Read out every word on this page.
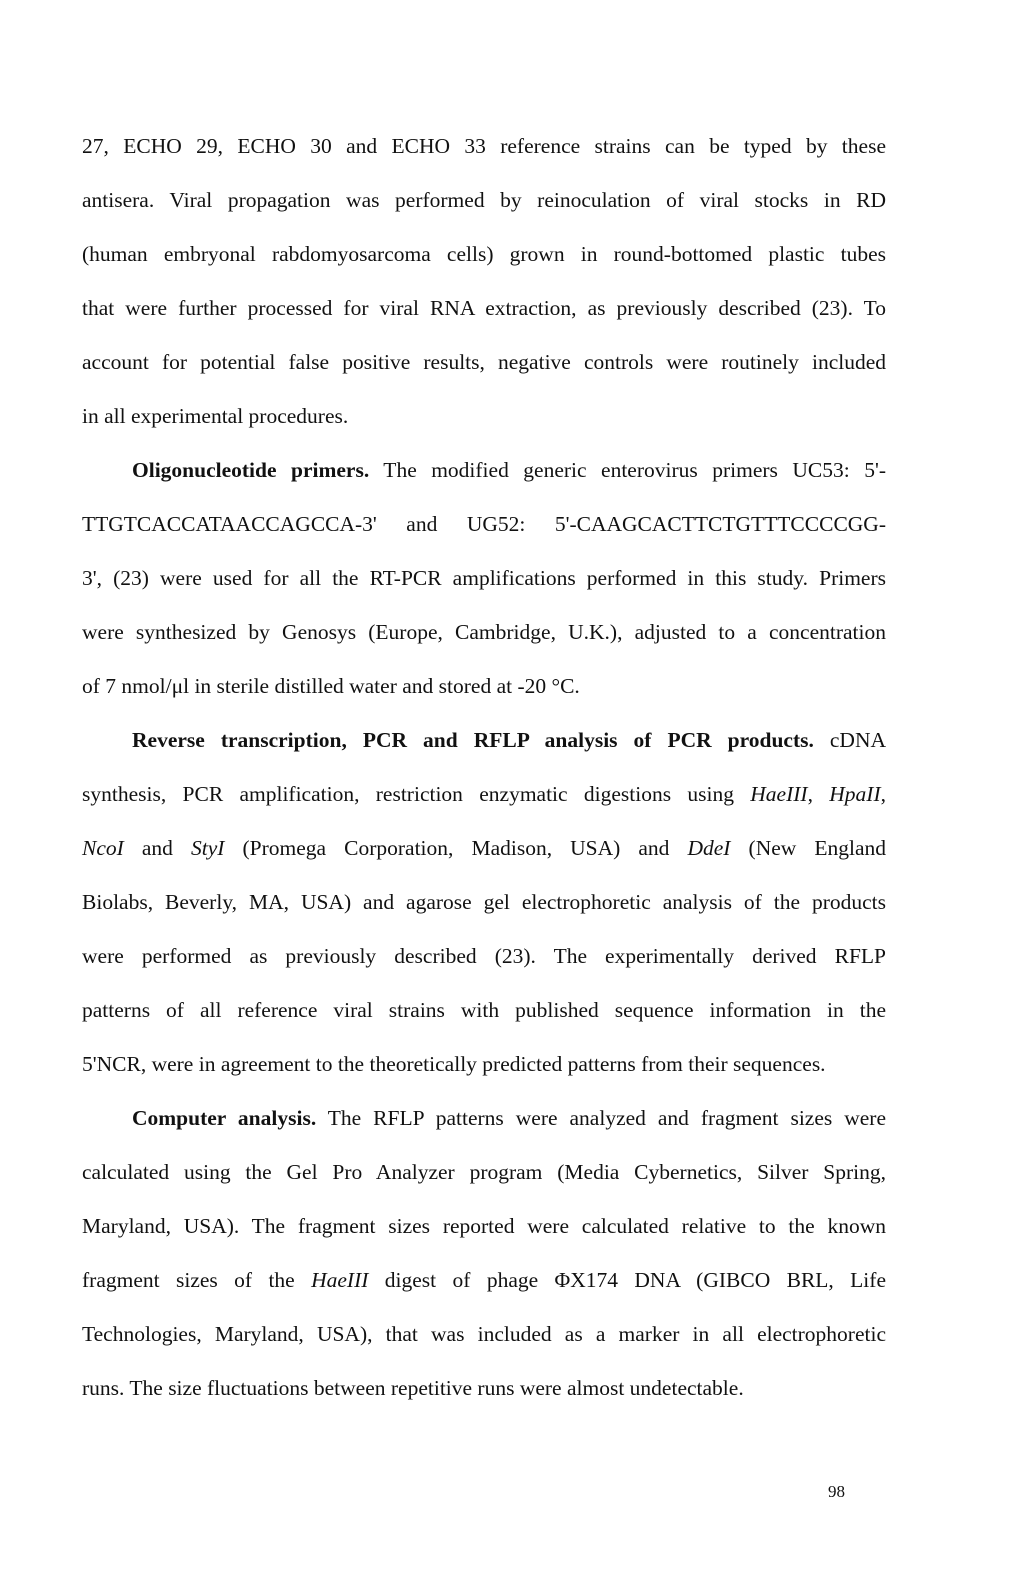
27, ECHO 29, ECHO 30 and ECHO 33 reference strains can be typed by these
antisera. Viral propagation was performed by reinoculation of viral stocks in RD
(human embryonal rabdomyosarcoma cells) grown in round-bottomed plastic tubes
that were further processed for viral RNA extraction, as previously described (23). To
account for potential false positive results, negative controls were routinely included
in all experimental procedures.
Oligonucleotide primers. The modified generic enterovirus primers UC53: 5'-
TTGTCACCATAACCAGCCA-3' and UG52: 5'-CAAGCACTTCTGTTTCCCCGG-
3', (23) were used for all the RT-PCR amplifications performed in this study. Primers
were synthesized by Genosys (Europe, Cambridge, U.K.), adjusted to a concentration
of 7 nmol/μl in sterile distilled water and stored at -20 °C.
Reverse transcription, PCR and RFLP analysis of PCR products. cDNA
synthesis, PCR amplification, restriction enzymatic digestions using HaeIII, HpaII,
NcoI and StyI (Promega Corporation, Madison, USA) and DdeI (New England
Biolabs, Beverly, MA, USA) and agarose gel electrophoretic analysis of the products
were performed as previously described (23). The experimentally derived RFLP
patterns of all reference viral strains with published sequence information in the
5'NCR, were in agreement to the theoretically predicted patterns from their sequences.
Computer analysis. The RFLP patterns were analyzed and fragment sizes were
calculated using the Gel Pro Analyzer program (Media Cybernetics, Silver Spring,
Maryland, USA). The fragment sizes reported were calculated relative to the known
fragment sizes of the HaeIII digest of phage ΦX174 DNA (GIBCO BRL, Life
Technologies, Maryland, USA), that was included as a marker in all electrophoretic
runs. The size fluctuations between repetitive runs were almost undetectable.
98
